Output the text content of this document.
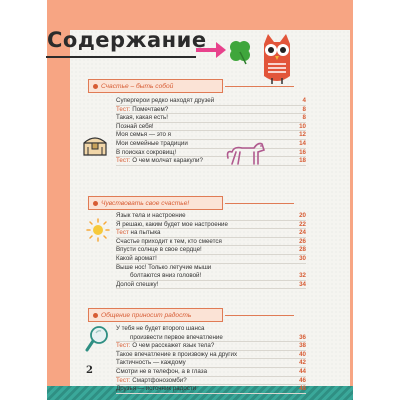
Содержание
Счастье – быть собой
Супергерои редко находят друзей	4
Тест: Помечтаем?	8
Такая, какая есть!	8
Познай себя!	10
Моя семья — это я	12
Мои семейные традиции	14
В поисках сокровищ!	16
Тест: О чем молчат каракули?	18
Чувствовать свое счастье!
Язык тела и настроение	20
Я решаю, каким будет мое настроение	22
Тест на пытыка	24
Счастье приходит к тем, кто смеется	26
Впусти солнце в свое сердце!	28
Какой аромат!	30
Выше нос! Только летучие мыши
болтаются вниз головой!	32
Долой спешку!	34
Общение приносит радость
У тебя не будет второго шанса
произвести первое впечатление	36
Тест: О чем расскажет язык тела?	38
Такое впечатление в произвожу на других	40
Тактичность — каждому	42
Смотри не в телефон, а в глаза	44
Тест: Смартфонозомби?	46
Друзья — источник радости	48
2
